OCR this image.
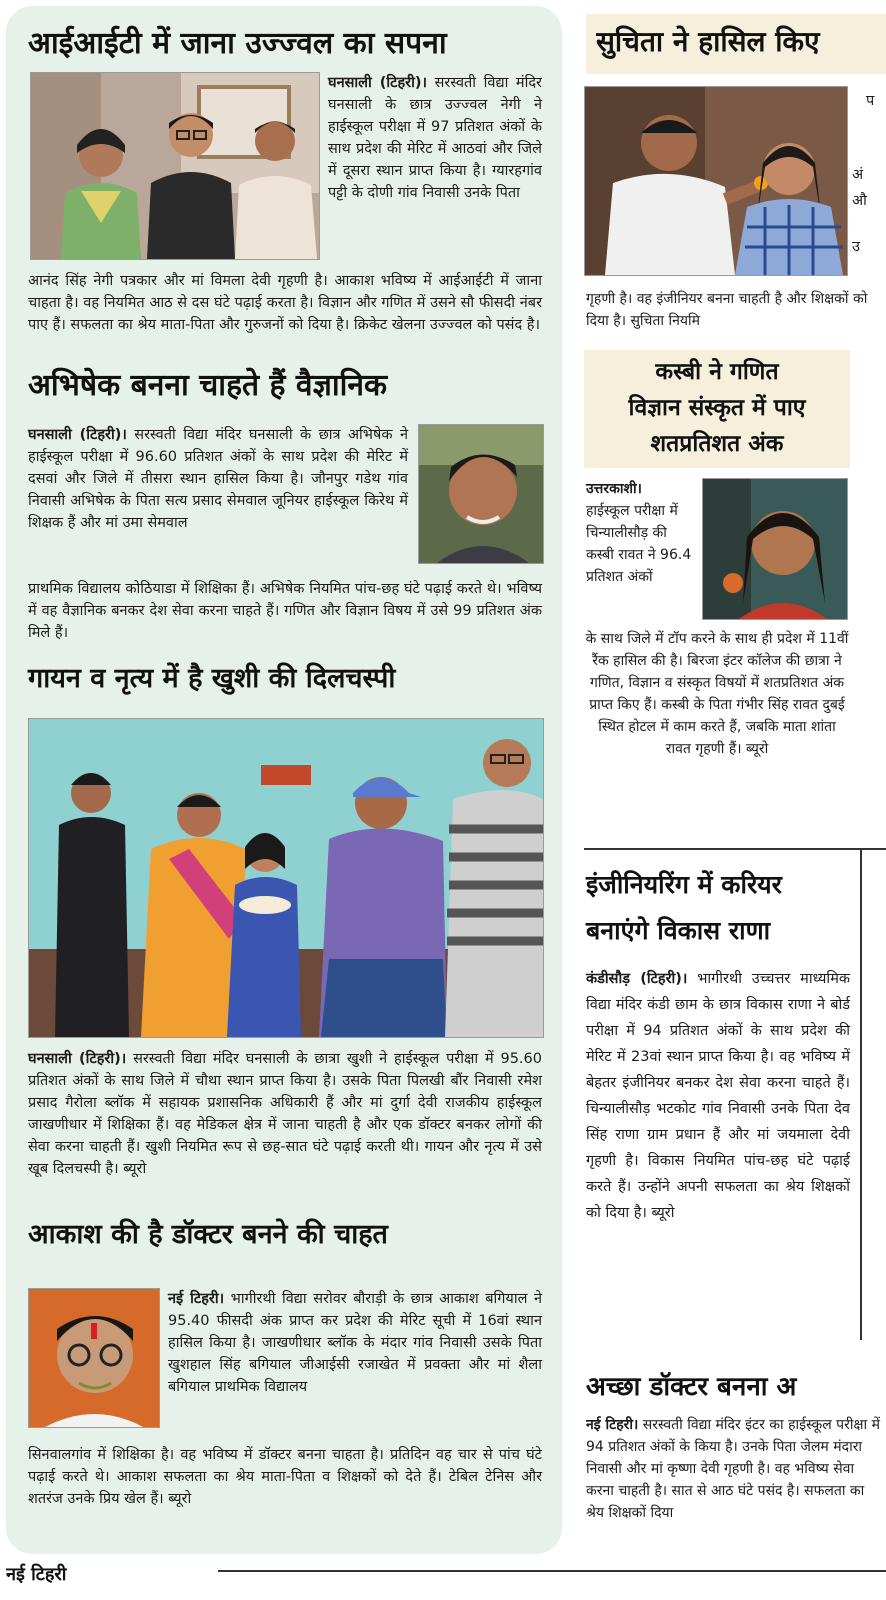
आईआईटी में जाना उज्ज्वल का सपना
घनसाली (टिहरी)। सरस्वती विद्या मंदिर घनसाली के छात्र उज्ज्वल नेगी ने हाईस्कूल परीक्षा में 97 प्रतिशत अंकों के साथ प्रदेश की मेरिट में आठवां और जिले में दूसरा स्थान प्राप्त किया है। ग्यारहगांव पट्टी के दोणी गांव निवासी उनके पिता
आनंद सिंह नेगी पत्रकार और मां विमला देवी गृहणी है। आकाश भविष्य में आईआईटी में जाना चाहता है। वह नियमित आठ से दस घंटे पढ़ाई करता है। विज्ञान और गणित में उसने सौ फीसदी नंबर पाए हैं। सफलता का श्रेय माता-पिता और गुरुजनों को दिया है। क्रिकेट खेलना उज्ज्वल को पसंद है।
अभिषेक बनना चाहते हैं वैज्ञानिक
घनसाली (टिहरी)। सरस्वती विद्या मंदिर घनसाली के छात्र अभिषेक ने हाईस्कूल परीक्षा में 96.60 प्रतिशत अंकों के साथ प्रदेश की मेरिट में दसवां और जिले में तीसरा स्थान हासिल किया है। जौनपुर गडेथ गांव निवासी अभिषेक के पिता सत्य प्रसाद सेमवाल जूनियर हाईस्कूल किरेथ में शिक्षक हैं और मां उमा सेमवाल
प्राथमिक विद्यालय कोठियाडा में शिक्षिका हैं। अभिषेक नियमित पांच-छह घंटे पढ़ाई करते थे। भविष्य में वह वैज्ञानिक बनकर देश सेवा करना चाहते हैं। गणित और विज्ञान विषय में उसे 99 प्रतिशत अंक मिले हैं।
गायन व नृत्य में है खुशी की दिलचस्पी
घनसाली (टिहरी)। सरस्वती विद्या मंदिर घनसाली के छात्रा खुशी ने हाईस्कूल परीक्षा में 95.60 प्रतिशत अंकों के साथ जिले में चौथा स्थान प्राप्त किया है। उसके पिता पिलखी बौंर निवासी रमेश प्रसाद गैरोला ब्लॉक में सहायक प्रशासनिक अधिकारी हैं और मां दुर्गा देवी राजकीय हाईस्कूल जाखणीधार में शिक्षिका हैं। वह मेडिकल क्षेत्र में जाना चाहती है और एक डॉक्टर बनकर लोगों की सेवा करना चाहती हैं। खुशी नियमित रूप से छह-सात घंटे पढ़ाई करती थी। गायन और नृत्य में उसे खूब दिलचस्पी है। ब्यूरो
आकाश की है डॉक्टर बनने की चाहत
नई टिहरी। भागीरथी विद्या सरोवर बौराड़ी के छात्र आकाश बगियाल ने 95.40 फीसदी अंक प्राप्त कर प्रदेश की मेरिट सूची में 16वां स्थान हासिल किया है। जाखणीधार ब्लॉक के मंदार गांव निवासी उसके पिता खुशहाल सिंह बगियाल जीआईसी रजाखेत में प्रवक्ता और मां शैला बगियाल प्राथमिक विद्यालय
सिनवालगांव में शिक्षिका है। वह भविष्य में डॉक्टर बनना चाहता है। प्रतिदिन वह चार से पांच घंटे पढ़ाई करते थे। आकाश सफलता का श्रेय माता-पिता व शिक्षकों को देते हैं। टेबिल टेनिस और शतरंज उनके प्रिय खेल हैं। ब्यूरो
नई टिहरी
सुचिता ने हासिल किए
प
अं
औ
उ
गृहणी है। वह इंजीनियर बनना चाहती है और शिक्षकों को दिया है। सुचिता नियमि
कस्बी ने गणित
विज्ञान संस्कृत में पाए
शतप्रतिशत अंक
उत्तरकाशी।
हाईस्कूल परीक्षा में चिन्यालीसौड़ की कस्बी रावत ने 96.4 प्रतिशत अंकों
के साथ जिले में टॉप करने के साथ ही प्रदेश में 11वीं रैंक हासिल की है। बिरजा इंटर कॉलेज की छात्रा ने गणित, विज्ञान व संस्कृत विषयों में शतप्रतिशत अंक प्राप्त किए हैं। कस्बी के पिता गंभीर सिंह रावत दुबई स्थित होटल में काम करते हैं, जबकि माता शांता रावत गृहणी हैं। ब्यूरो
इंजीनियरिंग में करियर
बनाएंगे विकास राणा
कंडीसौड़ (टिहरी)। भागीरथी उच्चत्तर माध्यमिक विद्या मंदिर कंडी छाम के छात्र विकास राणा ने बोर्ड परीक्षा में 94 प्रतिशत अंकों के साथ प्रदेश की मेरिट में 23वां स्थान प्राप्त किया है। वह भविष्य में बेहतर इंजीनियर बनकर देश सेवा करना चाहते हैं। चिन्यालीसौड़ भटकोट गांव निवासी उनके पिता देव सिंह राणा ग्राम प्रधान हैं और मां जयमाला देवी गृहणी है। विकास नियमित पांच-छह घंटे पढ़ाई करते हैं। उन्होंने अपनी सफलता का श्रेय शिक्षकों को दिया है। ब्यूरो
अच्छा डॉक्टर बनना अ
नई टिहरी। सरस्वती विद्या मंदिर इंटर का हाईस्कूल परीक्षा में 94 प्रतिशत अंकों के किया है। उनके पिता जेलम मंदारा निवासी और मां कृष्णा देवी गृहणी है। वह भविष्य सेवा करना चाहती है। सात से आठ घंटे पसंद है। सफलता का श्रेय शिक्षकों दिया
